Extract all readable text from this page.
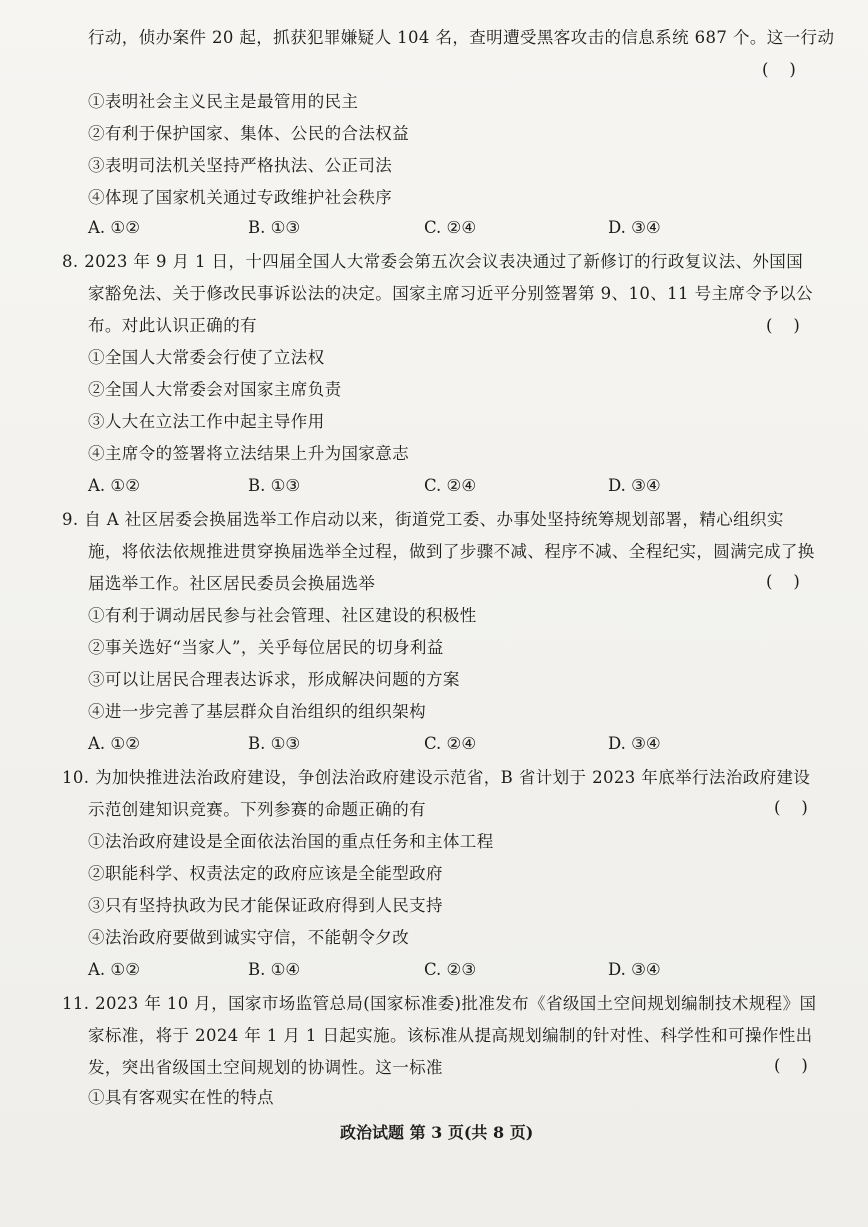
行动，侦办案件 20 起，抓获犯罪嫌疑人 104 名，查明遭受黑客攻击的信息系统 687 个。这一行动
(    )
①表明社会主义民主是最管用的民主
②有利于保护国家、集体、公民的合法权益
③表明司法机关坚持严格执法、公正司法
④体现了国家机关通过专政维护社会秩序
A. ①②	B. ①③	C. ②④	D. ③④
8. 2023 年 9 月 1 日，十四届全国人大常委会第五次会议表决通过了新修订的行政复议法、外国国
家豁免法、关于修改民事诉讼法的决定。国家主席习近平分别签署第 9、10、11 号主席令予以公
布。对此认识正确的有	(    )
①全国人大常委会行使了立法权
②全国人大常委会对国家主席负责
③人大在立法工作中起主导作用
④主席令的签署将立法结果上升为国家意志
A. ①②	B. ①③	C. ②④	D. ③④
9. 自 A 社区居委会换届选举工作启动以来，街道党工委、办事处坚持统筹规划部署，精心组织实
施，将依法依规推进贯穿换届选举全过程，做到了步骤不减、程序不减、全程纪实，圆满完成了换
届选举工作。社区居民委员会换届选举	(    )
①有利于调动居民参与社会管理、社区建设的积极性
②事关选好“当家人”，关乎每位居民的切身利益
③可以让居民合理表达诉求，形成解决问题的方案
④进一步完善了基层群众自治组织的组织架构
A. ①②	B. ①③	C. ②④	D. ③④
10. 为加快推进法治政府建设，争创法治政府建设示范省，B 省计划于 2023 年底举行法治政府建设
示范创建知识竞赛。下列参赛的命题正确的有	(    )
①法治政府建设是全面依法治国的重点任务和主体工程
②职能科学、权责法定的政府应该是全能型政府
③只有坚持执政为民才能保证政府得到人民支持
④法治政府要做到诚实守信，不能朝令夕改
A. ①②	B. ①④	C. ②③	D. ③④
11. 2023 年 10 月，国家市场监管总局(国家标准委)批准发布《省级国土空间规划编制技术规程》国
家标准，将于 2024 年 1 月 1 日起实施。该标准从提高规划编制的针对性、科学性和可操作性出
发，突出省级国土空间规划的协调性。这一标准	(    )
①具有客观实在性的特点
政治试题 第 3 页(共 8 页)
